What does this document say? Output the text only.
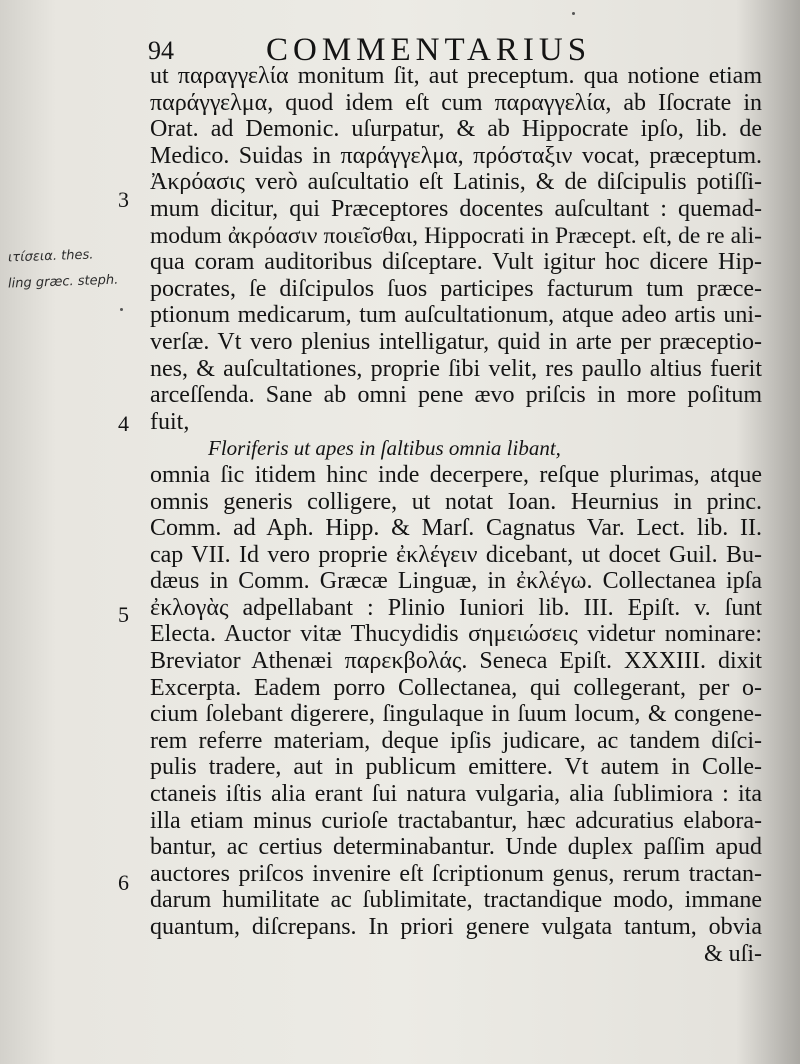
94	COMMENTARIUS
3
4
5
6
ιτίσεια. thes.
ling græc. steph.
ut παραγγελία monitum ſit, aut preceptum. qua notione etiam
παράγγελμα, quod idem eſt cum παραγγελία, ab Iſocrate in
Orat. ad Demonic. uſurpatur, & ab Hippocrate ipſo, lib. de
Medico. Suidas in παράγγελμα, πρόσταξιν vocat, præceptum.
Ἀκρόασις verò auſcultatio eſt Latinis, & de diſcipulis potiſſi-
mum dicitur, qui Præceptores docentes auſcultant : quemad-
modum ἀκρόασιν ποιεῖσθαι, Hippocrati in Præcept. eſt, de re ali-
qua coram auditoribus diſceptare. Vult igitur hoc dicere Hip-
pocrates, ſe diſcipulos ſuos participes facturum tum præce-
ptionum medicarum, tum auſcultationum, atque adeo artis uni-
verſæ. Vt vero plenius intelligatur, quid in arte per præceptio-
nes, & auſcultationes, proprie ſibi velit, res paullo altius fuerit
arceſſenda. Sane ab omni pene ævo priſcis in more poſitum
fuit,
Floriferis ut apes in ſaltibus omnia libant,
omnia ſic itidem hinc inde decerpere, reſque plurimas, atque
omnis generis colligere, ut notat Ioan. Heurnius in princ.
Comm. ad Aph. Hipp. & Marſ. Cagnatus Var. Lect. lib. II.
cap VII. Id vero proprie ἐκλέγειν dicebant, ut docet Guil. Bu-
dæus in Comm. Græcæ Linguæ, in ἐκλέγω. Collectanea ipſa
ἐκλογὰς adpellabant : Plinio Iuniori lib. III. Epiſt. v. ſunt
Electa. Auctor vitæ Thucydidis σημειώσεις videtur nominare:
Breviator Athenæi παρεκβολάς. Seneca Epiſt. XXXIII. dixit
Excerpta. Eadem porro Collectanea, qui collegerant, per o-
cium ſolebant digerere, ſingulaque in ſuum locum, & congene-
rem referre materiam, deque ipſis judicare, ac tandem diſci-
pulis tradere, aut in publicum emittere. Vt autem in Colle-
ctaneis iſtis alia erant ſui natura vulgaria, alia ſublimiora : ita
illa etiam minus curioſe tractabantur, hæc adcuratius elabora-
bantur, ac certius determinabantur. Unde duplex paſſim apud
auctores priſcos invenire eſt ſcriptionum genus, rerum tractan-
darum humilitate ac ſublimitate, tractandique modo, immane
quantum, diſcrepans. In priori genere vulgata tantum, obvia
& uſi-
